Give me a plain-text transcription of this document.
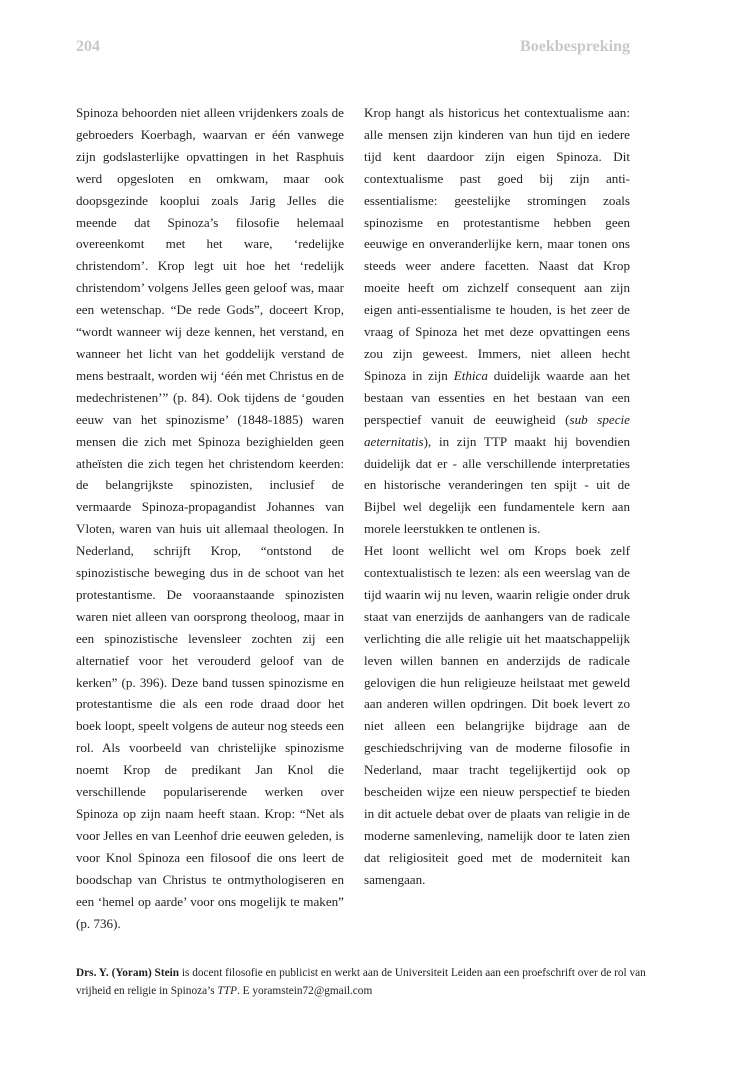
204	Boekbespreking

Spinoza behoorden niet alleen vrijdenkers zoals de gebroeders Koerbagh, waarvan er één vanwege zijn godslasterlijke opvattingen in het Rasphuis werd opgesloten en omkwam, maar ook doopsgezinde kooplui zoals Jarig Jelles die meende dat Spinoza’s filosofie helemaal overeenkomt met het ware, ‘redelijke christendom’. Krop legt uit hoe het ‘redelijk christendom’ volgens Jelles geen geloof was, maar een wetenschap. “De rede Gods”, doceert Krop, “wordt wanneer wij deze kennen, het verstand, en wanneer het licht van het goddelijk verstand de mens bestraalt, worden wij ‘één met Christus en de medechristenen’” (p. 84). Ook tijdens de ‘gouden eeuw van het spinozisme’ (1848-1885) waren mensen die zich met Spinoza bezighielden geen atheïsten die zich tegen het christendom keerden: de belangrijkste spinozisten, inclusief de vermaarde Spinoza-propagandist Johannes van Vloten, waren van huis uit allemaal theologen. In Nederland, schrijft Krop, “ontstond de spinozistische beweging dus in de schoot van het protestantisme. De vooraanstaande spinozisten waren niet alleen van oorsprong theoloog, maar in een spinozistische levensleer zochten zij een alternatief voor het verouderd geloof van de kerken” (p. 396). Deze band tussen spinozisme en protestantisme die als een rode draad door het boek loopt, speelt volgens de auteur nog steeds een rol. Als voorbeeld van christelijke spinozisme noemt Krop de predikant Jan Knol die verschillende populariserende werken over Spinoza op zijn naam heeft staan. Krop: “Net als voor Jelles en van Leenhof drie eeuwen geleden, is voor Knol Spinoza een filosoof die ons leert de boodschap van Christus te ontmythologiseren en een ‘hemel op aarde’ voor ons mogelijk te maken” (p. 736).

Krop hangt als historicus het contextualisme aan: alle mensen zijn kinderen van hun tijd en iedere tijd kent daardoor zijn eigen Spinoza. Dit contextualisme past goed bij zijn anti-essentialisme: geestelijke stromingen zoals spinozisme en protestantisme hebben geen eeuwige en onveranderlijke kern, maar tonen ons steeds weer andere facetten. Naast dat Krop moeite heeft om zichzelf consequent aan zijn eigen anti-essentialisme te houden, is het zeer de vraag of Spinoza het met deze opvattingen eens zou zijn geweest. Immers, niet alleen hecht Spinoza in zijn Ethica duidelijk waarde aan het bestaan van essenties en het bestaan van een perspectief vanuit de eeuwigheid (sub specie aeternitatis), in zijn TTP maakt hij bovendien duidelijk dat er - alle verschillende interpretaties en historische veranderingen ten spijt - uit de Bijbel wel degelijk een fundamentele kern aan morele leerstukken te ontlenen is.

Het loont wellicht wel om Krops boek zelf contextualistisch te lezen: als een weerslag van de tijd waarin wij nu leven, waarin religie onder druk staat van enerzijds de aanhangers van de radicale verlichting die alle religie uit het maatschappelijk leven willen bannen en anderzijds de radicale gelovigen die hun religieuze heilstaat met geweld aan anderen willen opdringen. Dit boek levert zo niet alleen een belangrijke bijdrage aan de geschiedschrijving van de moderne filosofie in Nederland, maar tracht tegelijkertijd ook op bescheiden wijze een nieuw perspectief te bieden in dit actuele debat over de plaats van religie in de moderne samenleving, namelijk door te laten zien dat religiositeit goed met de moderniteit kan samengaan.

Drs. Y. (Yoram) Stein is docent filosofie en publicist en werkt aan de Universiteit Leiden aan een proefschrift over de rol van vrijheid en religie in Spinoza’s TTP. E yoramstein72@gmail.com
